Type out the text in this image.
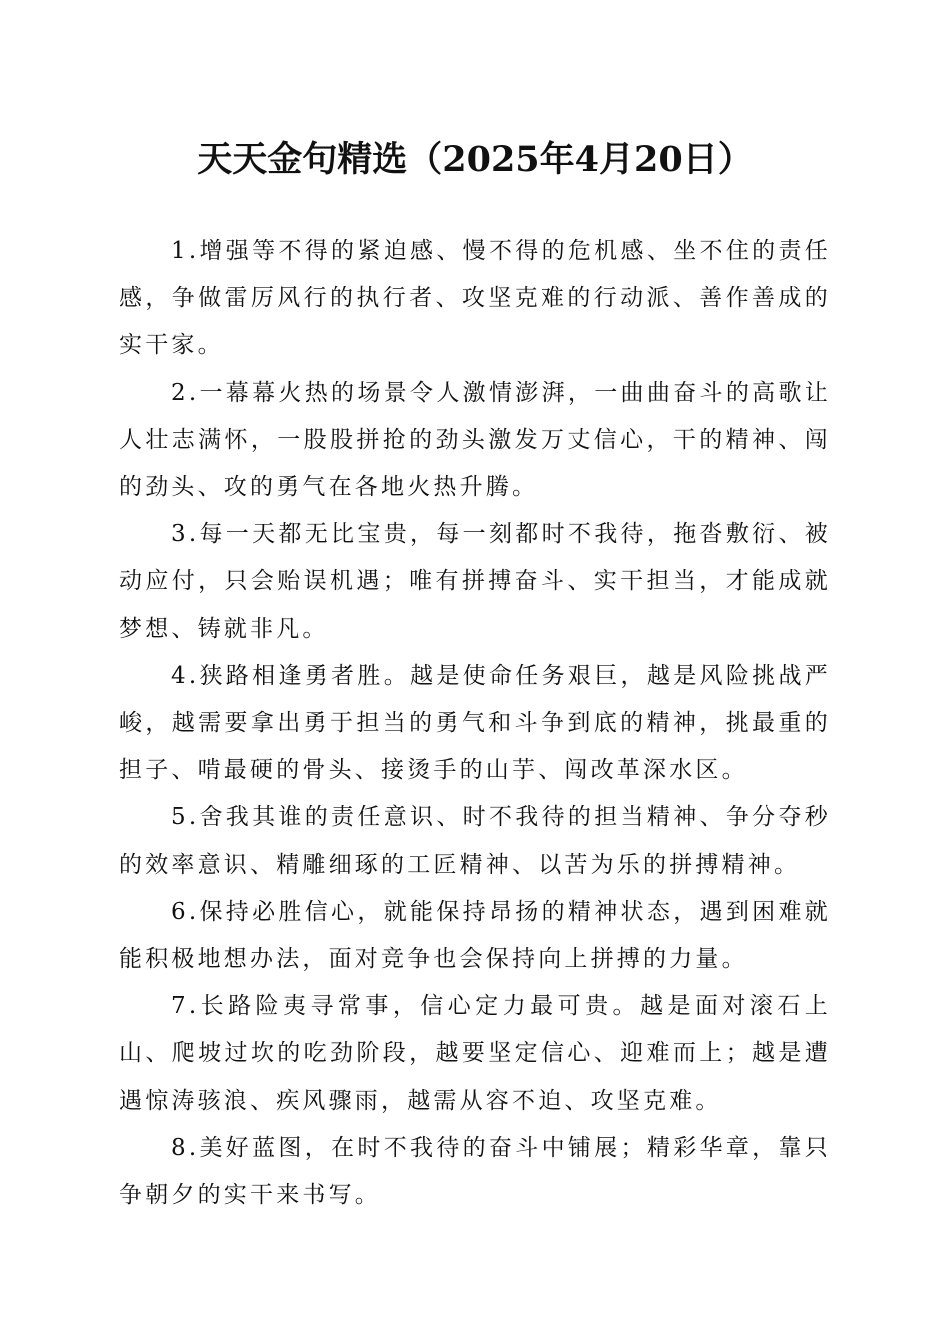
天天金句精选（2025年4月20日）

1.增强等不得的紧迫感、慢不得的危机感、坐不住的责任感，争做雷厉风行的执行者、攻坚克难的行动派、善作善成的实干家。

2.一幕幕火热的场景令人激情澎湃，一曲曲奋斗的高歌让人壮志满怀，一股股拼抢的劲头激发万丈信心，干的精神、闯的劲头、攻的勇气在各地火热升腾。

3.每一天都无比宝贵，每一刻都时不我待，拖沓敷衍、被动应付，只会贻误机遇；唯有拼搏奋斗、实干担当，才能成就梦想、铸就非凡。

4.狭路相逢勇者胜。越是使命任务艰巨，越是风险挑战严峻，越需要拿出勇于担当的勇气和斗争到底的精神，挑最重的担子、啃最硬的骨头、接烫手的山芋、闯改革深水区。

5.舍我其谁的责任意识、时不我待的担当精神、争分夺秒的效率意识、精雕细琢的工匠精神、以苦为乐的拼搏精神。

6.保持必胜信心，就能保持昂扬的精神状态，遇到困难就能积极地想办法，面对竞争也会保持向上拼搏的力量。

7.长路险夷寻常事，信心定力最可贵。越是面对滚石上山、爬坡过坎的吃劲阶段，越要坚定信心、迎难而上；越是遭遇惊涛骇浪、疾风骤雨，越需从容不迫、攻坚克难。

8.美好蓝图，在时不我待的奋斗中铺展；精彩华章，靠只争朝夕的实干来书写。
